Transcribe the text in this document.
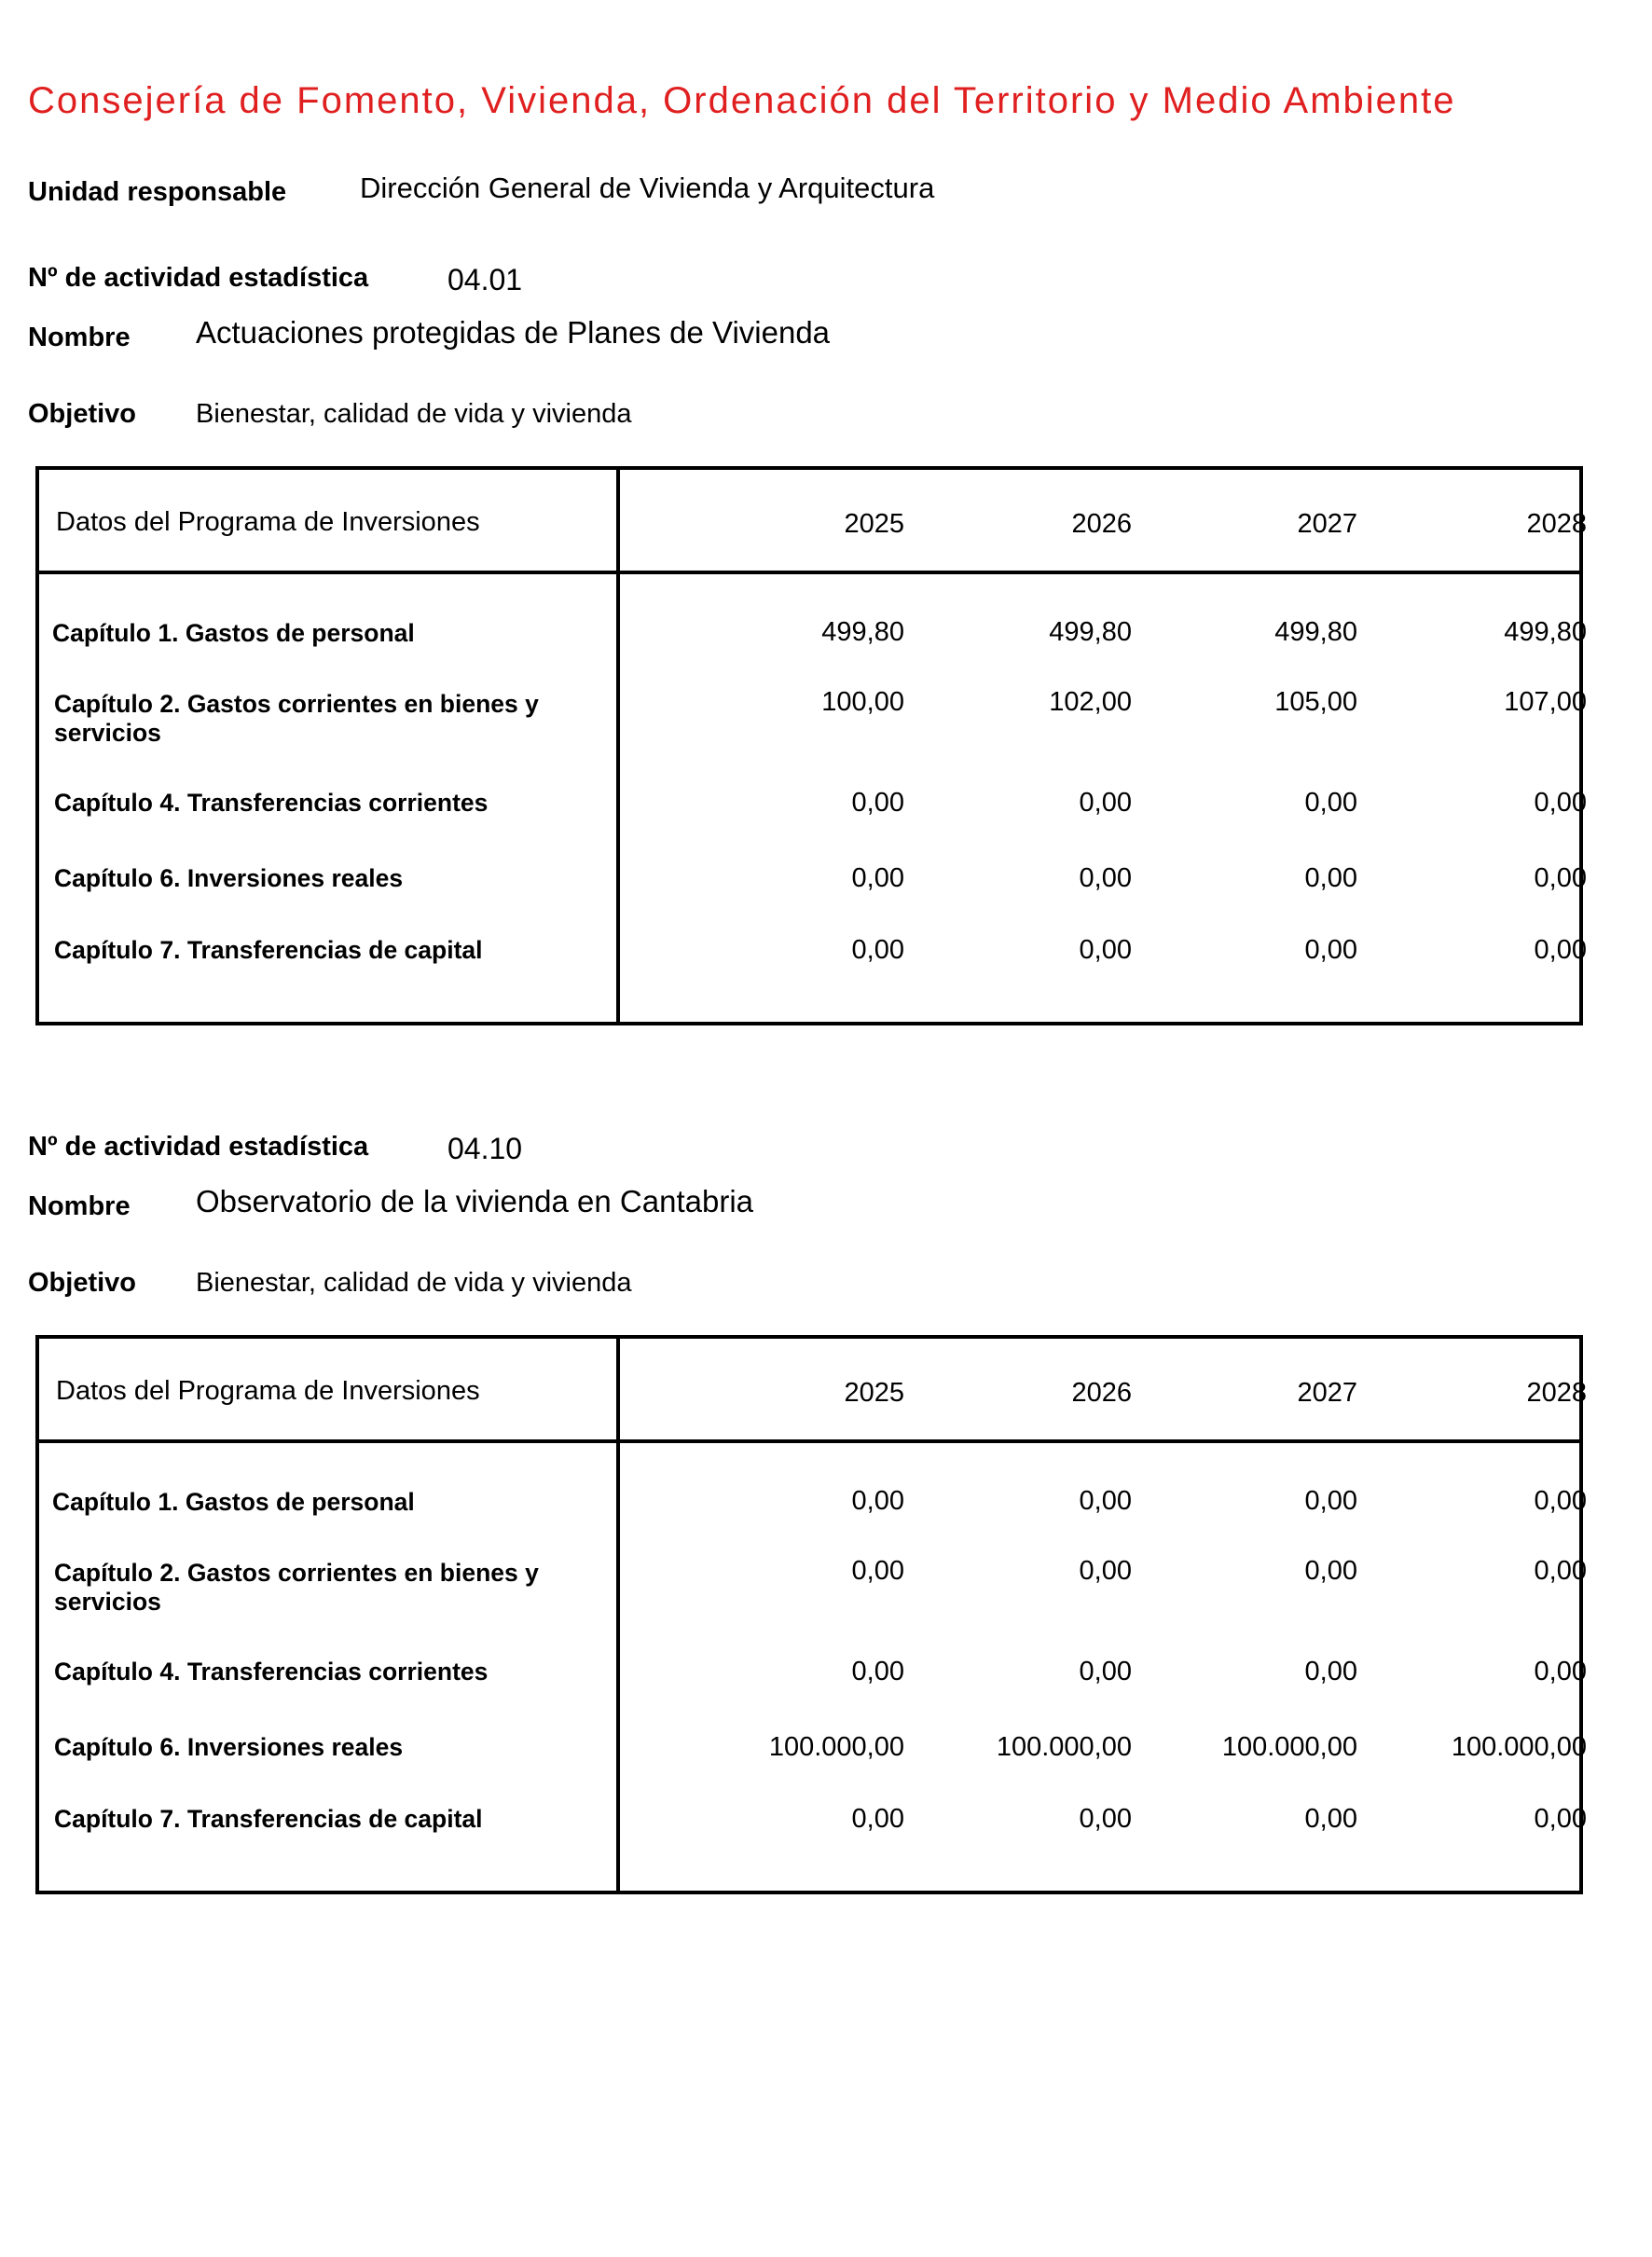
Consejería de Fomento, Vivienda, Ordenación del Territorio y Medio Ambiente
Unidad responsable	Dirección General de Vivienda y Arquitectura
Nº de actividad estadística	04.01
Nombre Actuaciones protegidas de Planes de Vivienda
Objetivo Bienestar, calidad de vida y vivienda
Datos del Programa de Inversiones	2025	2026	2027	2028
Capítulo 1. Gastos de personal	499,80	499,80	499,80	499,80
Capítulo 2. Gastos corrientes en bienes y
servicios
100,00	102,00	105,00	107,00
Capítulo 4. Transferencias corrientes	0,00	0,00	0,00	0,00
Capítulo 6. Inversiones reales	0,00	0,00	0,00	0,00
Capítulo 7. Transferencias de capital	0,00	0,00	0,00	0,00
Nº de actividad estadística	04.10
Nombre Observatorio de la vivienda en Cantabria
Objetivo Bienestar, calidad de vida y vivienda
Datos del Programa de Inversiones	2025	2026	2027	2028
Capítulo 1. Gastos de personal	0,00	0,00	0,00	0,00
Capítulo 2. Gastos corrientes en bienes y
servicios
0,00	0,00	0,00	0,00
Capítulo 4. Transferencias corrientes	0,00	0,00	0,00	0,00
Capítulo 6. Inversiones reales	100.000,00	100.000,00	100.000,00	100.000,00
Capítulo 7. Transferencias de capital	0,00	0,00	0,00	0,00
